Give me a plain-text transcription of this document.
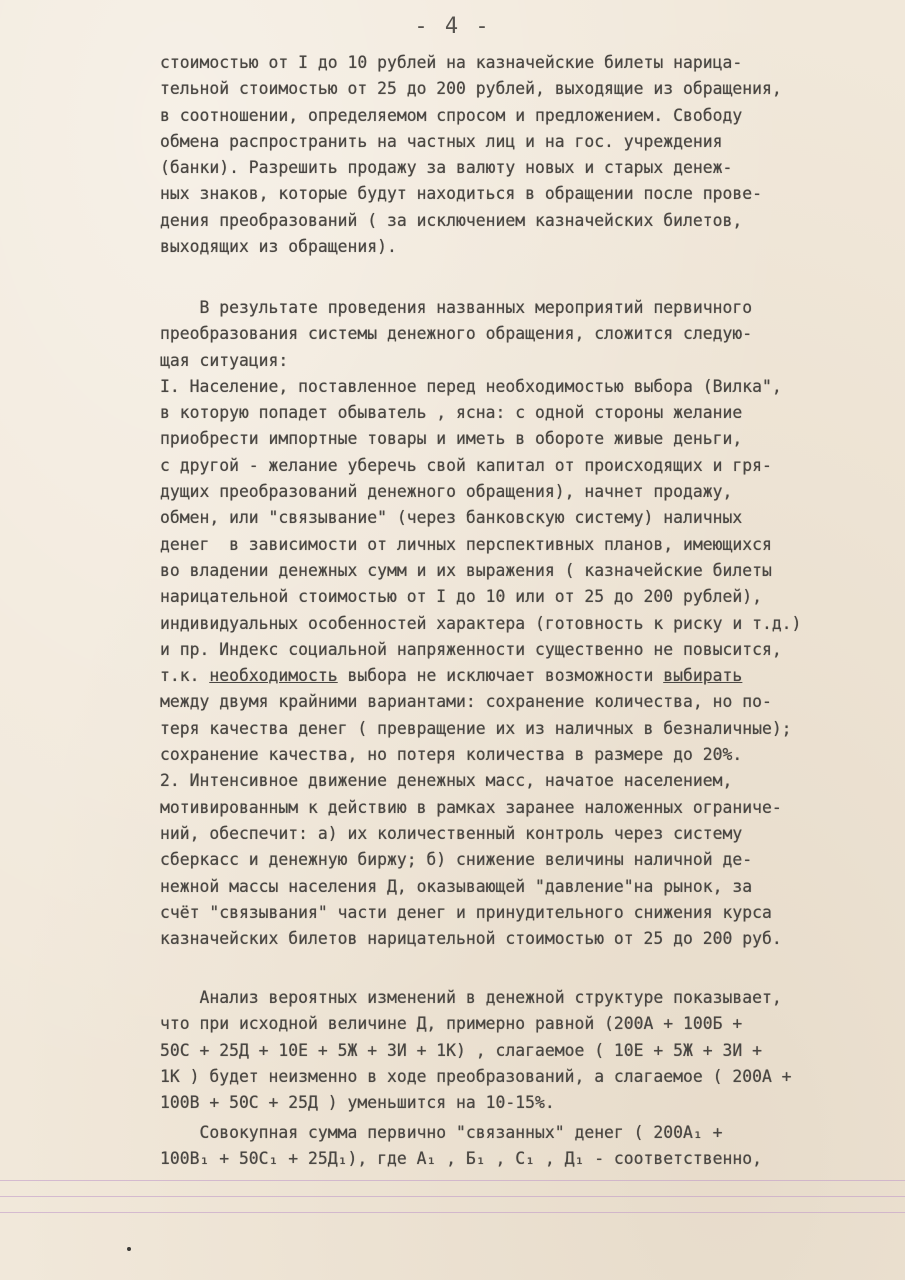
- 4 -
стоимостью от I до 10 рублей на казначейские билеты нарица-
тельной стоимостью от 25 до 200 рублей, выходящие из обращения,
в соотношении, определяемом спросом и предложением. Свободу
обмена распространить на частных лиц и на гос. учреждения
(банки). Разрешить продажу за валюту новых и старых денеж-
ных знаков, которые будут находиться в обращении после прове-
дения преобразований ( за исключением казначейских билетов,
выходящих из обращения).
В результате проведения названных мероприятий первичного
преобразования системы денежного обращения, сложится следую-
щая ситуация:
I. Население, поставленное перед необходимостью выбора (Вилка",
в которую попадет обыватель , ясна: с одной стороны желание
приобрести импортные товары и иметь в обороте живые деньги,
с другой - желание уберечь свой капитал от происходящих и гря-
дущих преобразований денежного обращения), начнет продажу,
обмен, или "связывание" (через банковскую систему) наличных
денег  в зависимости от личных перспективных планов, имеющихся
во владении денежных сумм и их выражения ( казначейские билеты
нарицательной стоимостью от I до 10 или от 25 до 200 рублей),
индивидуальных особенностей характера (готовность к риску и т.д.)
и пр. Индекс социальной напряженности существенно не повысится,
т.к. необходимость выбора не исключает возможности выбирать
между двумя крайними вариантами: сохранение количества, но по-
теря качества денег ( превращение их из наличных в безналичные);
сохранение качества, но потеря количества в размере до 20%.
2. Интенсивное движение денежных масс, начатое населением,
мотивированным к действию в рамках заранее наложенных ограниче-
ний, обеспечит: а) их количественный контроль через систему
сберкасс и денежную биржу; б) снижение величины наличной де-
нежной массы населения Д, оказывающей "давление"на рынок, за
счёт "связывания" части денег и принудительного снижения курса
казначейских билетов нарицательной стоимостью от 25 до 200 руб.
Анализ вероятных изменений в денежной структуре показывает,
что при исходной величине Д, примерно равной (200А + 100Б +
50С + 25Д + 10Е + 5Ж + 3И + 1К) , слагаемое ( 10Е + 5Ж + 3И +
1К ) будет неизменно в ходе преобразований, а слагаемое ( 200А +
100В + 50С + 25Д ) уменьшится на 10-15%.
Совокупная сумма первично "связанных" денег ( 200А₁ +
100В₁ + 50С₁ + 25Д₁), где А₁ , Б₁ , С₁ , Д₁ - соответственно,
